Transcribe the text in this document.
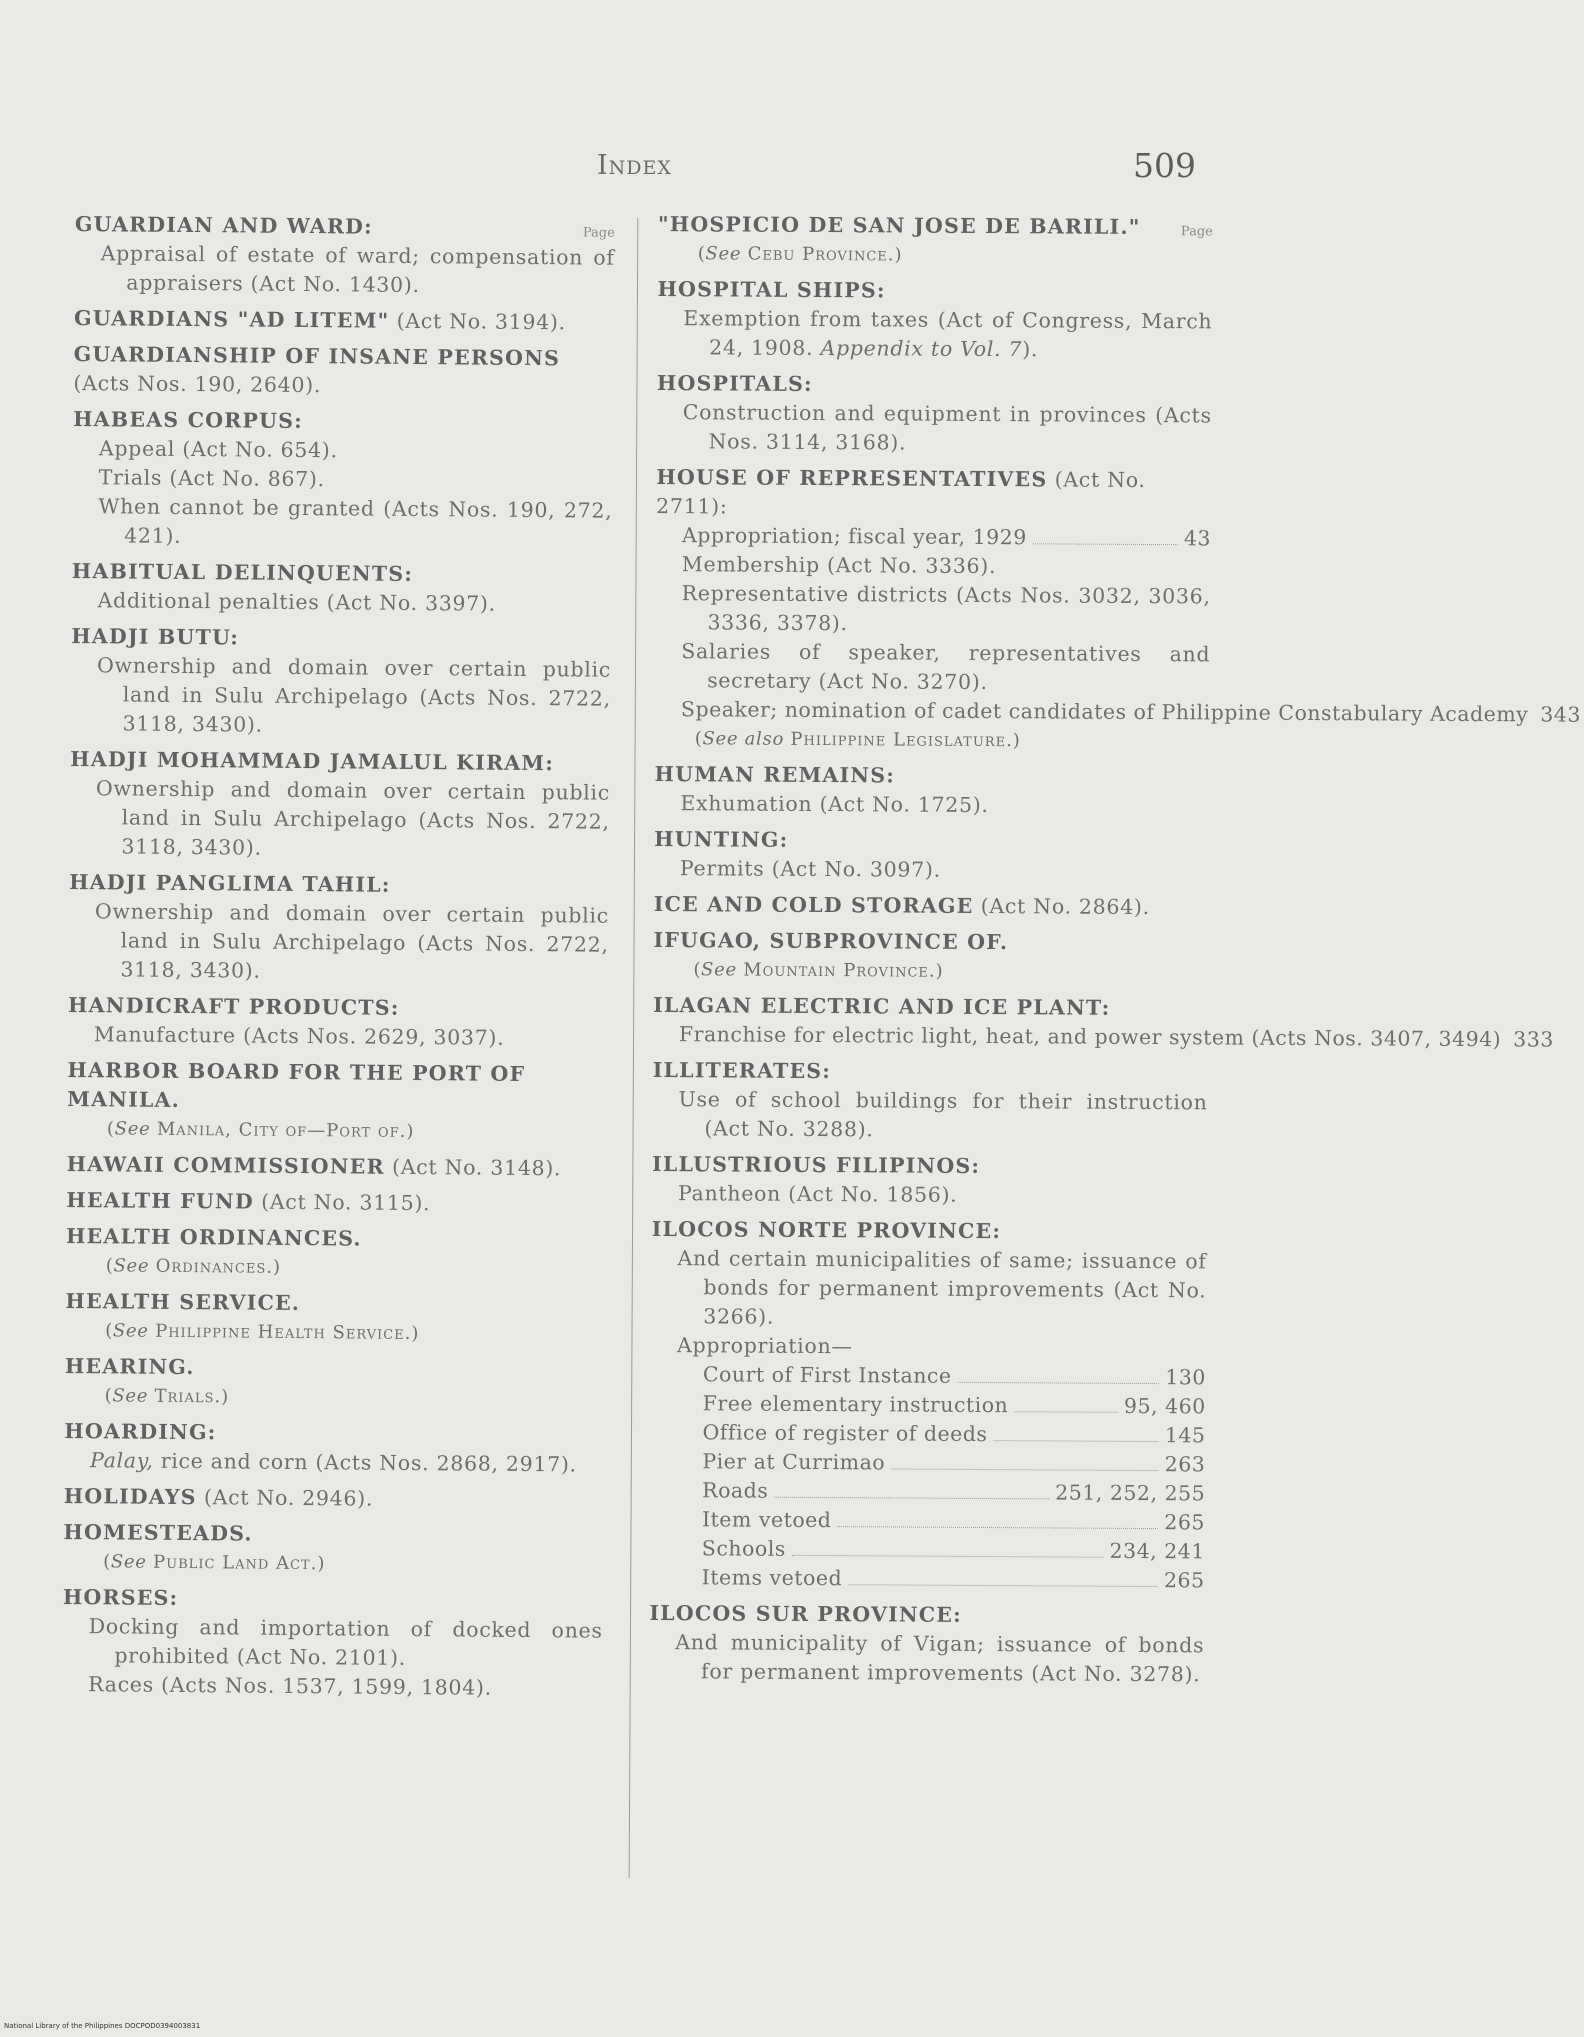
Index	509
Page
GUARDIAN AND WARD:
Appraisal of estate of ward; compensation of appraisers (Act No. 1430).
GUARDIANS "AD LITEM" (Act No. 3194).
GUARDIANSHIP OF INSANE PERSONS (Acts Nos. 190, 2640).
HABEAS CORPUS:
Appeal (Act No. 654).
Trials (Act No. 867).
When cannot be granted (Acts Nos. 190, 272, 421).
HABITUAL DELINQUENTS:
Additional penalties (Act No. 3397).
HADJI BUTU:
Ownership and domain over certain public land in Sulu Archipelago (Acts Nos. 2722, 3118, 3430).
HADJI MOHAMMAD JAMALUL KIRAM:
Ownership and domain over certain public land in Sulu Archipelago (Acts Nos. 2722, 3118, 3430).
HADJI PANGLIMA TAHIL:
Ownership and domain over certain public land in Sulu Archipelago (Acts Nos. 2722, 3118, 3430).
HANDICRAFT PRODUCTS:
Manufacture (Acts Nos. 2629, 3037).
HARBOR BOARD FOR THE PORT OF MANILA.
(See Manila, City of—Port of.)
HAWAII COMMISSIONER (Act No. 3148).
HEALTH FUND (Act No. 3115).
HEALTH ORDINANCES.
(See Ordinances.)
HEALTH SERVICE.
(See Philippine Health Service.)
HEARING.
(See Trials.)
HOARDING:
Palay, rice and corn (Acts Nos. 2868, 2917).
HOLIDAYS (Act No. 2946).
HOMESTEADS.
(See Public Land Act.)
HORSES:
Docking and importation of docked ones prohibited (Act No. 2101).
Races (Acts Nos. 1537, 1599, 1804).
Page
"HOSPICIO DE SAN JOSE DE BARILI."
(See Cebu Province.)
HOSPITAL SHIPS:
Exemption from taxes (Act of Congress, March 24, 1908. Appendix to Vol. 7).
HOSPITALS:
Construction and equipment in provinces (Acts Nos. 3114, 3168).
HOUSE OF REPRESENTATIVES (Act No. 2711):
Appropriation; fiscal year, 1929	43
Membership (Act No. 3336).
Representative districts (Acts Nos. 3032, 3036, 3336, 3378).
Salaries of speaker, representatives and secretary (Act No. 3270).
Speaker; nomination of cadet candidates of Philippine Constabulary Academy 343
(See also Philippine Legislature.)
HUMAN REMAINS:
Exhumation (Act No. 1725).
HUNTING:
Permits (Act No. 3097).
ICE AND COLD STORAGE (Act No. 2864).
IFUGAO, SUBPROVINCE OF.
(See Mountain Province.)
ILAGAN ELECTRIC AND ICE PLANT:
Franchise for electric light, heat, and power system (Acts Nos. 3407, 3494) 333
ILLITERATES:
Use of school buildings for their instruction (Act No. 3288).
ILLUSTRIOUS FILIPINOS:
Pantheon (Act No. 1856).
ILOCOS NORTE PROVINCE:
And certain municipalities of same; issuance of bonds for permanent improvements (Act No. 3266).
Appropriation—
Court of First Instance	130
Free elementary instruction	95, 460
Office of register of deeds	145
Pier at Currimao	263
Roads	251, 252, 255
Item vetoed	265
Schools	234, 241
Items vetoed	265
ILOCOS SUR PROVINCE:
And municipality of Vigan; issuance of bonds for permanent improvements (Act No. 3278).
National Library of the Philippines DOCPOD0394003831
